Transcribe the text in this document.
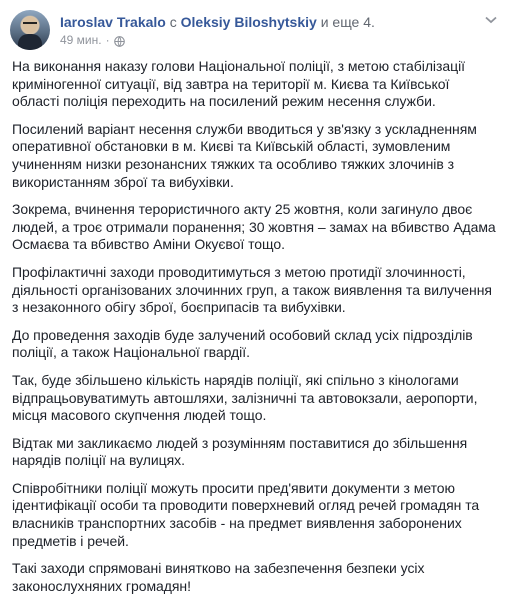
Iaroslav Trakalo с Oleksiy Biloshytskiy и еще 4.
49 мин. ·

На виконання наказу голови Національної поліції, з метою стабілізації криміногенної ситуації, від завтра на території м. Києва та Київської області поліція переходить на посилений режим несення служби.

Посилений варіант несення служби вводиться у зв'язку з ускладненням оперативної обстановки в м. Києві та Київській області, зумовленим учиненням низки резонансних тяжких та особливо тяжких злочинів з використанням зброї та вибухівки.

Зокрема, вчинення терористичного акту 25 жовтня, коли загинуло двоє людей, а троє отримали поранення; 30 жовтня – замах на вбивство Адама Осмаєва та вбивство Аміни Окуєвої тощо.

Профілактичні заходи проводитимуться з метою протидії злочинності, діяльності організованих злочинних груп, а також виявлення та вилучення з незаконного обігу зброї, боєприпасів та вибухівки.

До проведення заходів буде залучений особовий склад усіх підрозділів поліції, а також Національної гвардії.

Так, буде збільшено кількість нарядів поліції, які спільно з кінологами відпрацьовуватимуть автошляхи, залізничні та автовокзали, аеропорти, місця масового скупчення людей тощо.

Відтак ми закликаємо людей з розумінням поставитися до збільшення нарядів поліції на вулицях.

Співробітники поліції можуть просити пред'явити документи з метою ідентифікації особи та проводити поверхневий огляд речей громадян та власників транспортних засобів - на предмет виявлення заборонених предметів і речей.

Такі заходи спрямовані винятково на забезпечення безпеки усіх законослухняних громадян!
